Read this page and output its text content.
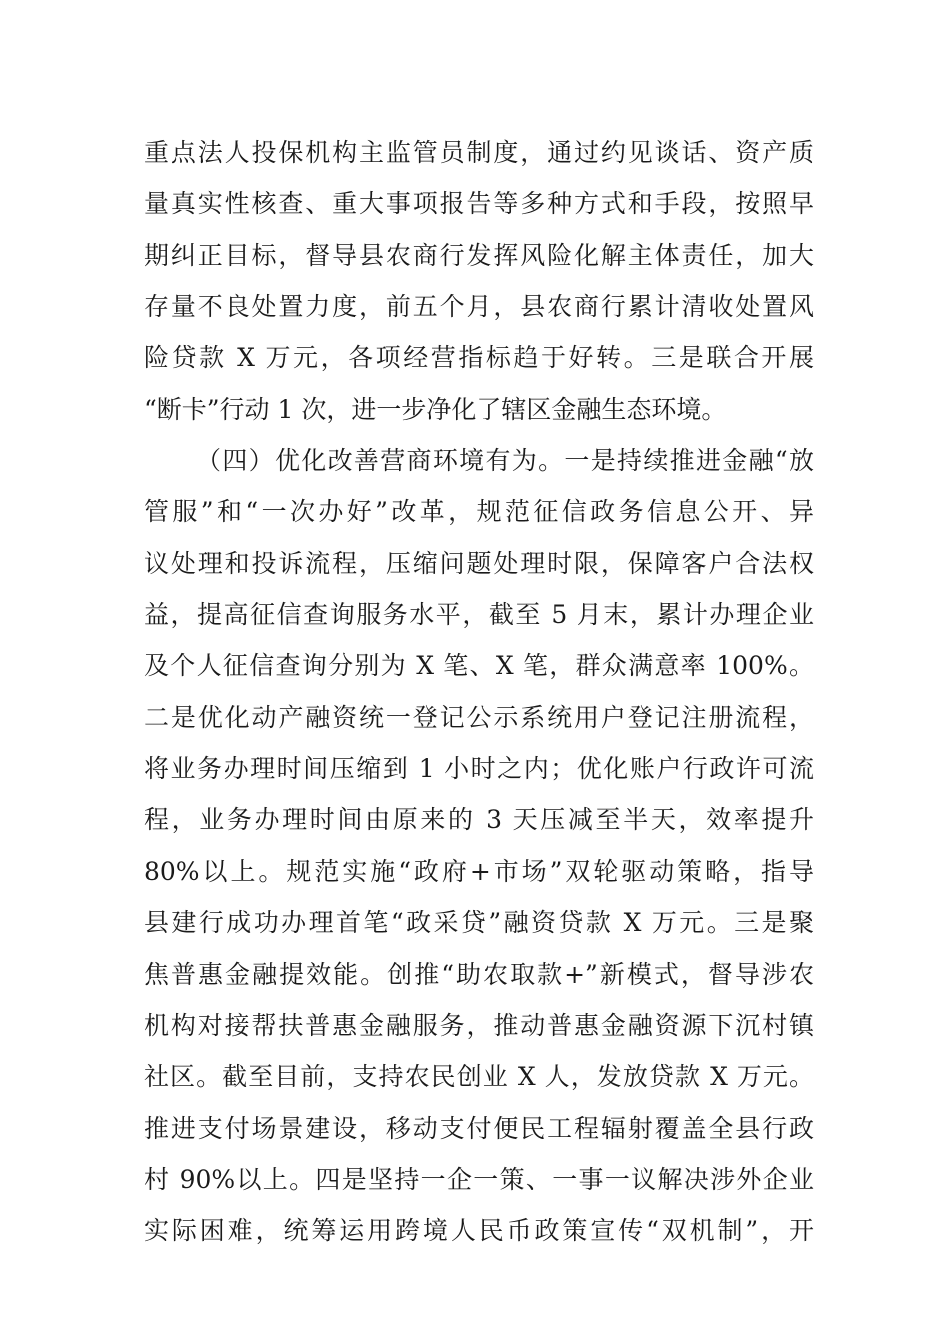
重点法人投保机构主监管员制度，通过约见谈话、资产质
量真实性核查、重大事项报告等多种方式和手段，按照早
期纠正目标，督导县农商行发挥风险化解主体责任，加大
存量不良处置力度，前五个月，县农商行累计清收处置风
险贷款 X 万元，各项经营指标趋于好转。三是联合开展
“断卡”行动 1 次，进一步净化了辖区金融生态环境。
（四）优化改善营商环境有为。一是持续推进金融“放
管服”和“一次办好”改革，规范征信政务信息公开、异
议处理和投诉流程，压缩问题处理时限，保障客户合法权
益，提高征信查询服务水平，截至 5 月末，累计办理企业
及个人征信查询分别为 X 笔、X 笔，群众满意率 100%。
二是优化动产融资统一登记公示系统用户登记注册流程，
将业务办理时间压缩到 1 小时之内；优化账户行政许可流
程，业务办理时间由原来的 3 天压减至半天，效率提升
80%以上。规范实施“政府+市场”双轮驱动策略，指导
县建行成功办理首笔“政采贷”融资贷款 X 万元。三是聚
焦普惠金融提效能。创推“助农取款+”新模式，督导涉农
机构对接帮扶普惠金融服务，推动普惠金融资源下沉村镇
社区。截至目前，支持农民创业 X 人，发放贷款 X 万元。
推进支付场景建设，移动支付便民工程辐射覆盖全县行政
村 90%以上。四是坚持一企一策、一事一议解决涉外企业
实际困难，统筹运用跨境人民币政策宣传“双机制”，开
